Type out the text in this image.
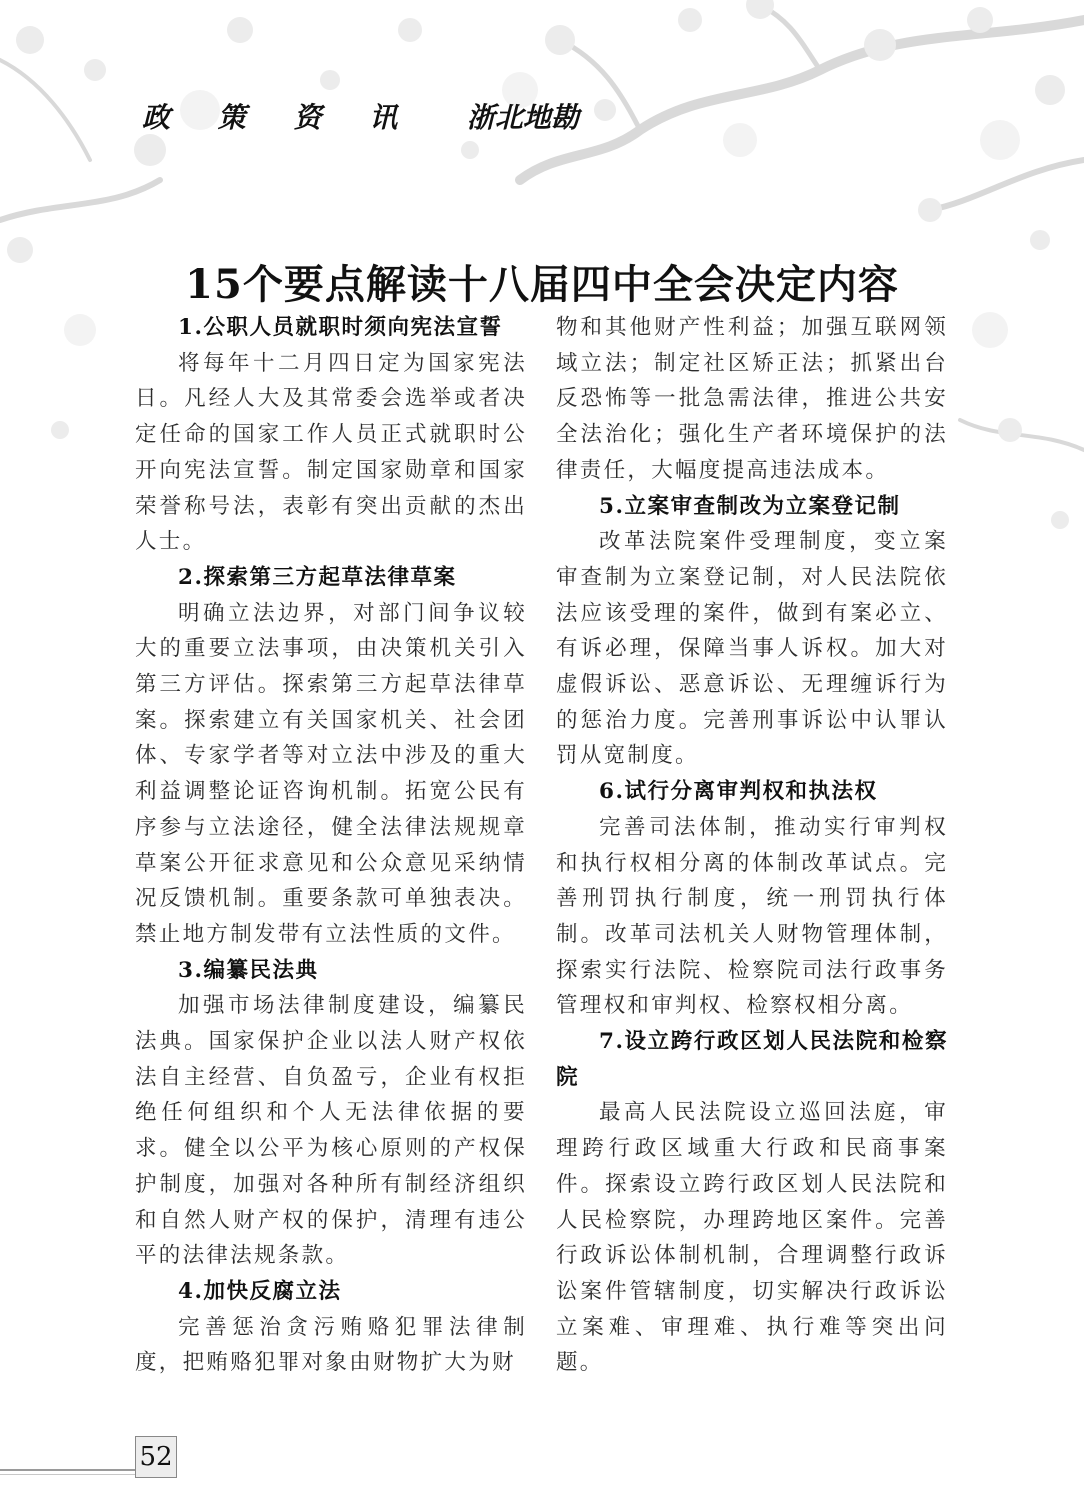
政 策 资 讯 浙北地勘
15个要点解读十八届四中全会决定内容
1.公职人员就职时须向宪法宣誓

将每年十二月四日定为国家宪法日。凡经人大及其常委会选举或者决定任命的国家工作人员正式就职时公开向宪法宣誓。制定国家勋章和国家荣誉称号法，表彰有突出贡献的杰出人士。

2.探索第三方起草法律草案

明确立法边界，对部门间争议较大的重要立法事项，由决策机关引入第三方评估。探索第三方起草法律草案。探索建立有关国家机关、社会团体、专家学者等对立法中涉及的重大利益调整论证咨询机制。拓宽公民有序参与立法途径，健全法律法规规章草案公开征求意见和公众意见采纳情况反馈机制。重要条款可单独表决。禁止地方制发带有立法性质的文件。

3.编纂民法典

加强市场法律制度建设，编纂民法典。国家保护企业以法人财产权依法自主经营、自负盈亏，企业有权拒绝任何组织和个人无法律依据的要求。健全以公平为核心原则的产权保护制度，加强对各种所有制经济组织和自然人财产权的保护，清理有违公平的法律法规条款。

4.加快反腐立法

完善惩治贪污贿赂犯罪法律制度，把贿赂犯罪对象由财物扩大为财

物和其他财产性利益；加强互联网领域立法；制定社区矫正法；抓紧出台反恐怖等一批急需法律，推进公共安全法治化；强化生产者环境保护的法律责任，大幅度提高违法成本。

5.立案审查制改为立案登记制

改革法院案件受理制度，变立案审查制为立案登记制，对人民法院依法应该受理的案件，做到有案必立、有诉必理，保障当事人诉权。加大对虚假诉讼、恶意诉讼、无理缠诉行为的惩治力度。完善刑事诉讼中认罪认罚从宽制度。

6.试行分离审判权和执法权

完善司法体制，推动实行审判权和执行权相分离的体制改革试点。完善刑罚执行制度，统一刑罚执行体制。改革司法机关人财物管理体制，探索实行法院、检察院司法行政事务管理权和审判权、检察权相分离。

7.设立跨行政区划人民法院和检察院

最高人民法院设立巡回法庭，审理跨行政区域重大行政和民商事案件。探索设立跨行政区划人民法院和人民检察院，办理跨地区案件。完善行政诉讼体制机制，合理调整行政诉讼案件管辖制度，切实解决行政诉讼立案难、审理难、执行难等突出问题。

52
